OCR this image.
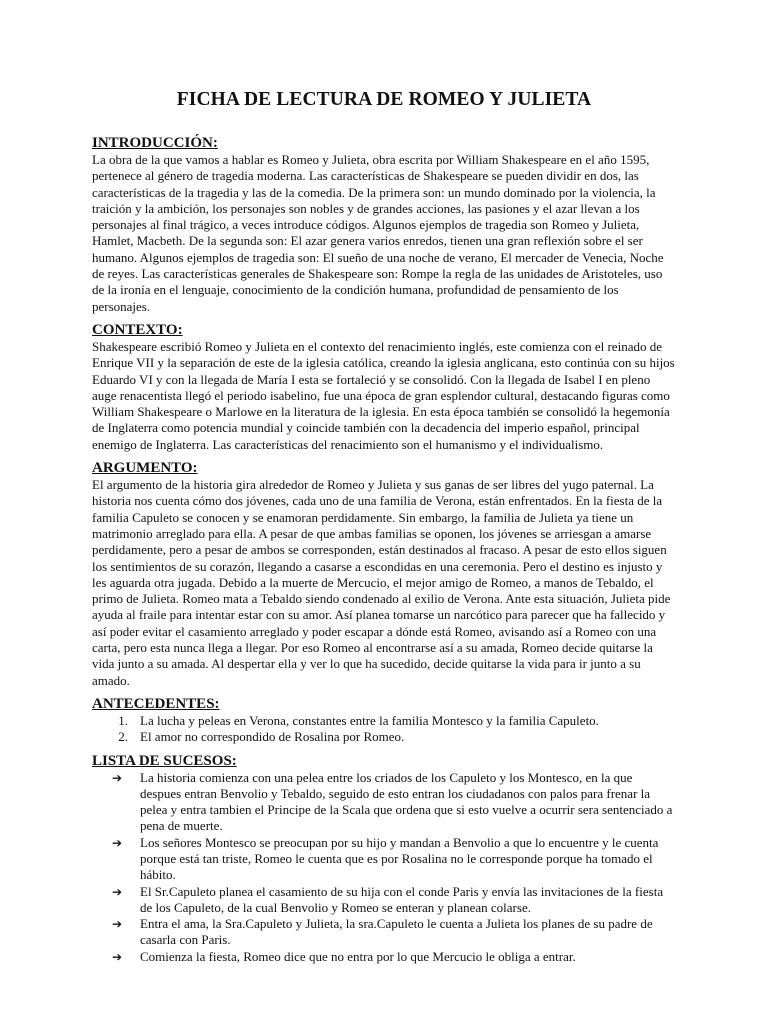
FICHA DE LECTURA DE ROMEO Y JULIETA
INTRODUCCIÓN:

La obra de la que vamos a hablar es Romeo y Julieta, obra escrita por William Shakespeare en el año 1595, pertenece al género de tragedia moderna. Las características de Shakespeare se pueden dividir en dos, las características de la tragedia y las de la comedia. De la primera son: un mundo dominado por la violencia, la traición y la ambición, los personajes son nobles y de grandes acciones, las pasiones y el azar llevan a los personajes al final trágico, a veces introduce códigos. Algunos ejemplos de tragedia son Romeo y Julieta, Hamlet, Macbeth. De la segunda son: El azar genera varios enredos, tienen una gran reflexión sobre el ser humano. Algunos ejemplos de tragedia son: El sueño de una noche de verano, El mercader de Venecia, Noche de reyes. Las características generales de Shakespeare son: Rompe la regla de las unidades de Aristoteles, uso de la ironía en el lenguaje, conocimiento de la condición humana, profundidad de pensamiento de los personajes.

CONTEXTO:

Shakespeare escribió Romeo y Julieta en el contexto del renacimiento inglés, este comienza con el reinado de Enrique VII y la separación de este de la iglesia católica, creando la iglesia anglicana, esto continúa con su hijos Eduardo VI y con la llegada de María I esta se fortaleció y se consolidó. Con la llegada de Isabel I en pleno auge renacentista llegó el periodo isabelino, fue una época de gran esplendor cultural, destacando figuras como William Shakespeare o Marlowe en la literatura de la iglesia. En esta época también se consolidó la hegemonía de Inglaterra como potencia mundial y coincide también con la decadencia del imperio español, principal enemigo de Inglaterra. Las características del renacimiento son el humanismo y el individualismo.

ARGUMENTO:

El argumento de la historia gira alrededor de Romeo y Julieta y sus ganas de ser libres del yugo paternal. La historia nos cuenta cómo dos jóvenes, cada uno de una familia de Verona, están enfrentados. En la fiesta de la familia Capuleto se conocen y se enamoran perdidamente. Sin embargo, la familia de Julieta ya tiene un matrimonio arreglado para ella. A pesar de que ambas familias se oponen, los jóvenes se arriesgan a amarse perdidamente, pero a pesar de ambos se corresponden, están destinados al fracaso. A pesar de esto ellos siguen los sentimientos de su corazón, llegando a casarse a escondidas en una ceremonia. Pero el destino es injusto y les aguarda otra jugada. Debido a la muerte de Mercucio, el mejor amigo de Romeo, a manos de Tebaldo, el primo de Julieta. Romeo mata a Tebaldo siendo condenado al exilio de Verona. Ante esta situación, Julieta pide ayuda al fraile para intentar estar con su amor. Así planea tomarse un narcótico para parecer que ha fallecido y así poder evitar el casamiento arreglado y poder escapar a dónde está Romeo, avisando así a Romeo con una carta, pero esta nunca llega a llegar. Por eso Romeo al encontrarse así a su amada, Romeo decide quitarse la vida junto a su amada. Al despertar ella y ver lo que ha sucedido, decide quitarse la vida para ir junto a su amado.

ANTECEDENTES:
1. La lucha y peleas en Verona, constantes entre la familia Montesco y la familia Capuleto.
2. El amor no correspondido de Rosalina por Romeo.
LISTA DE SUCESOS:
➔	La historia comienza con una pelea entre los criados de los Capuleto y los Montesco, en la que despues entran Benvolio y Tebaldo, seguido de esto entran los ciudadanos con palos para frenar la pelea y entra tambien el Principe de la Scala que ordena que si esto vuelve a ocurrir sera sentenciado a pena de muerte.
➔	Los señores Montesco se preocupan por su hijo y mandan a Benvolio a que lo encuentre y le cuenta porque está tan triste, Romeo le cuenta que es por Rosalina no le corresponde porque ha tomado el hábito.
➔	El Sr.Capuleto planea el casamiento de su hija con el conde Paris y envía las invitaciones de la fiesta de los Capuleto, de la cual Benvolio y Romeo se enteran y planean colarse.
➔	Entra el ama, la Sra.Capuleto y Julieta, la sra.Capuleto le cuenta a Julieta los planes de su padre de casarla con Paris.
➔	Comienza la fiesta, Romeo dice que no entra por lo que Mercucio le obliga a entrar.
